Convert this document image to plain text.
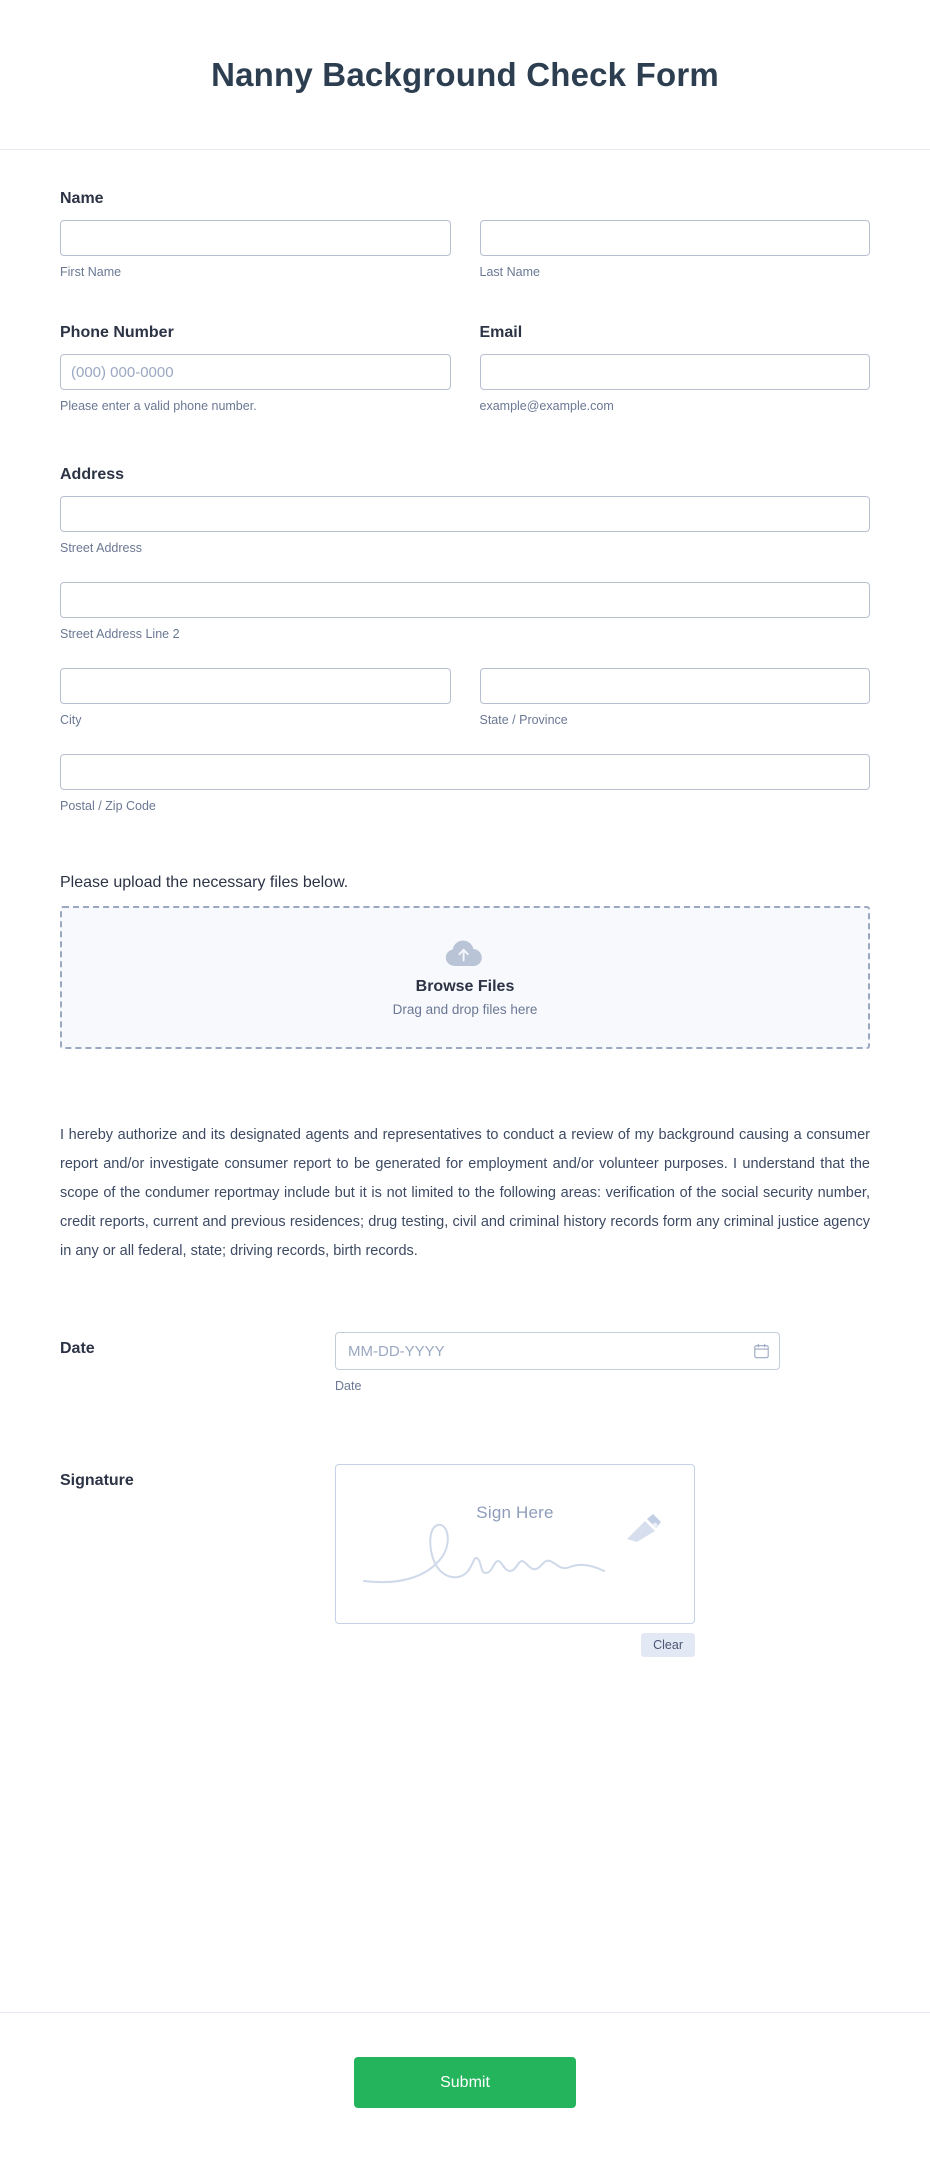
Nanny Background Check Form
Name
First Name	Last Name
Phone Number
(000) 000-0000
Please enter a valid phone number.
Email
example@example.com
Address
Street Address
Street Address Line 2
City	State / Province
Postal / Zip Code
Please upload the necessary files below.
Browse Files
Drag and drop files here

I hereby authorize and its designated agents and representatives to conduct a review of my background causing a consumer report and/or investigate consumer report to be generated for employment and/or volunteer purposes. I understand that the scope of the condumer reportmay include but it is not limited to the following areas: verification of the social security number, credit reports, current and previous residences; drug testing, civil and criminal history records form any criminal justice agency in any or all federal, state; driving records, birth records.

Date
MM-DD-YYYY
Date
Signature
Sign Here
Clear
Submit
